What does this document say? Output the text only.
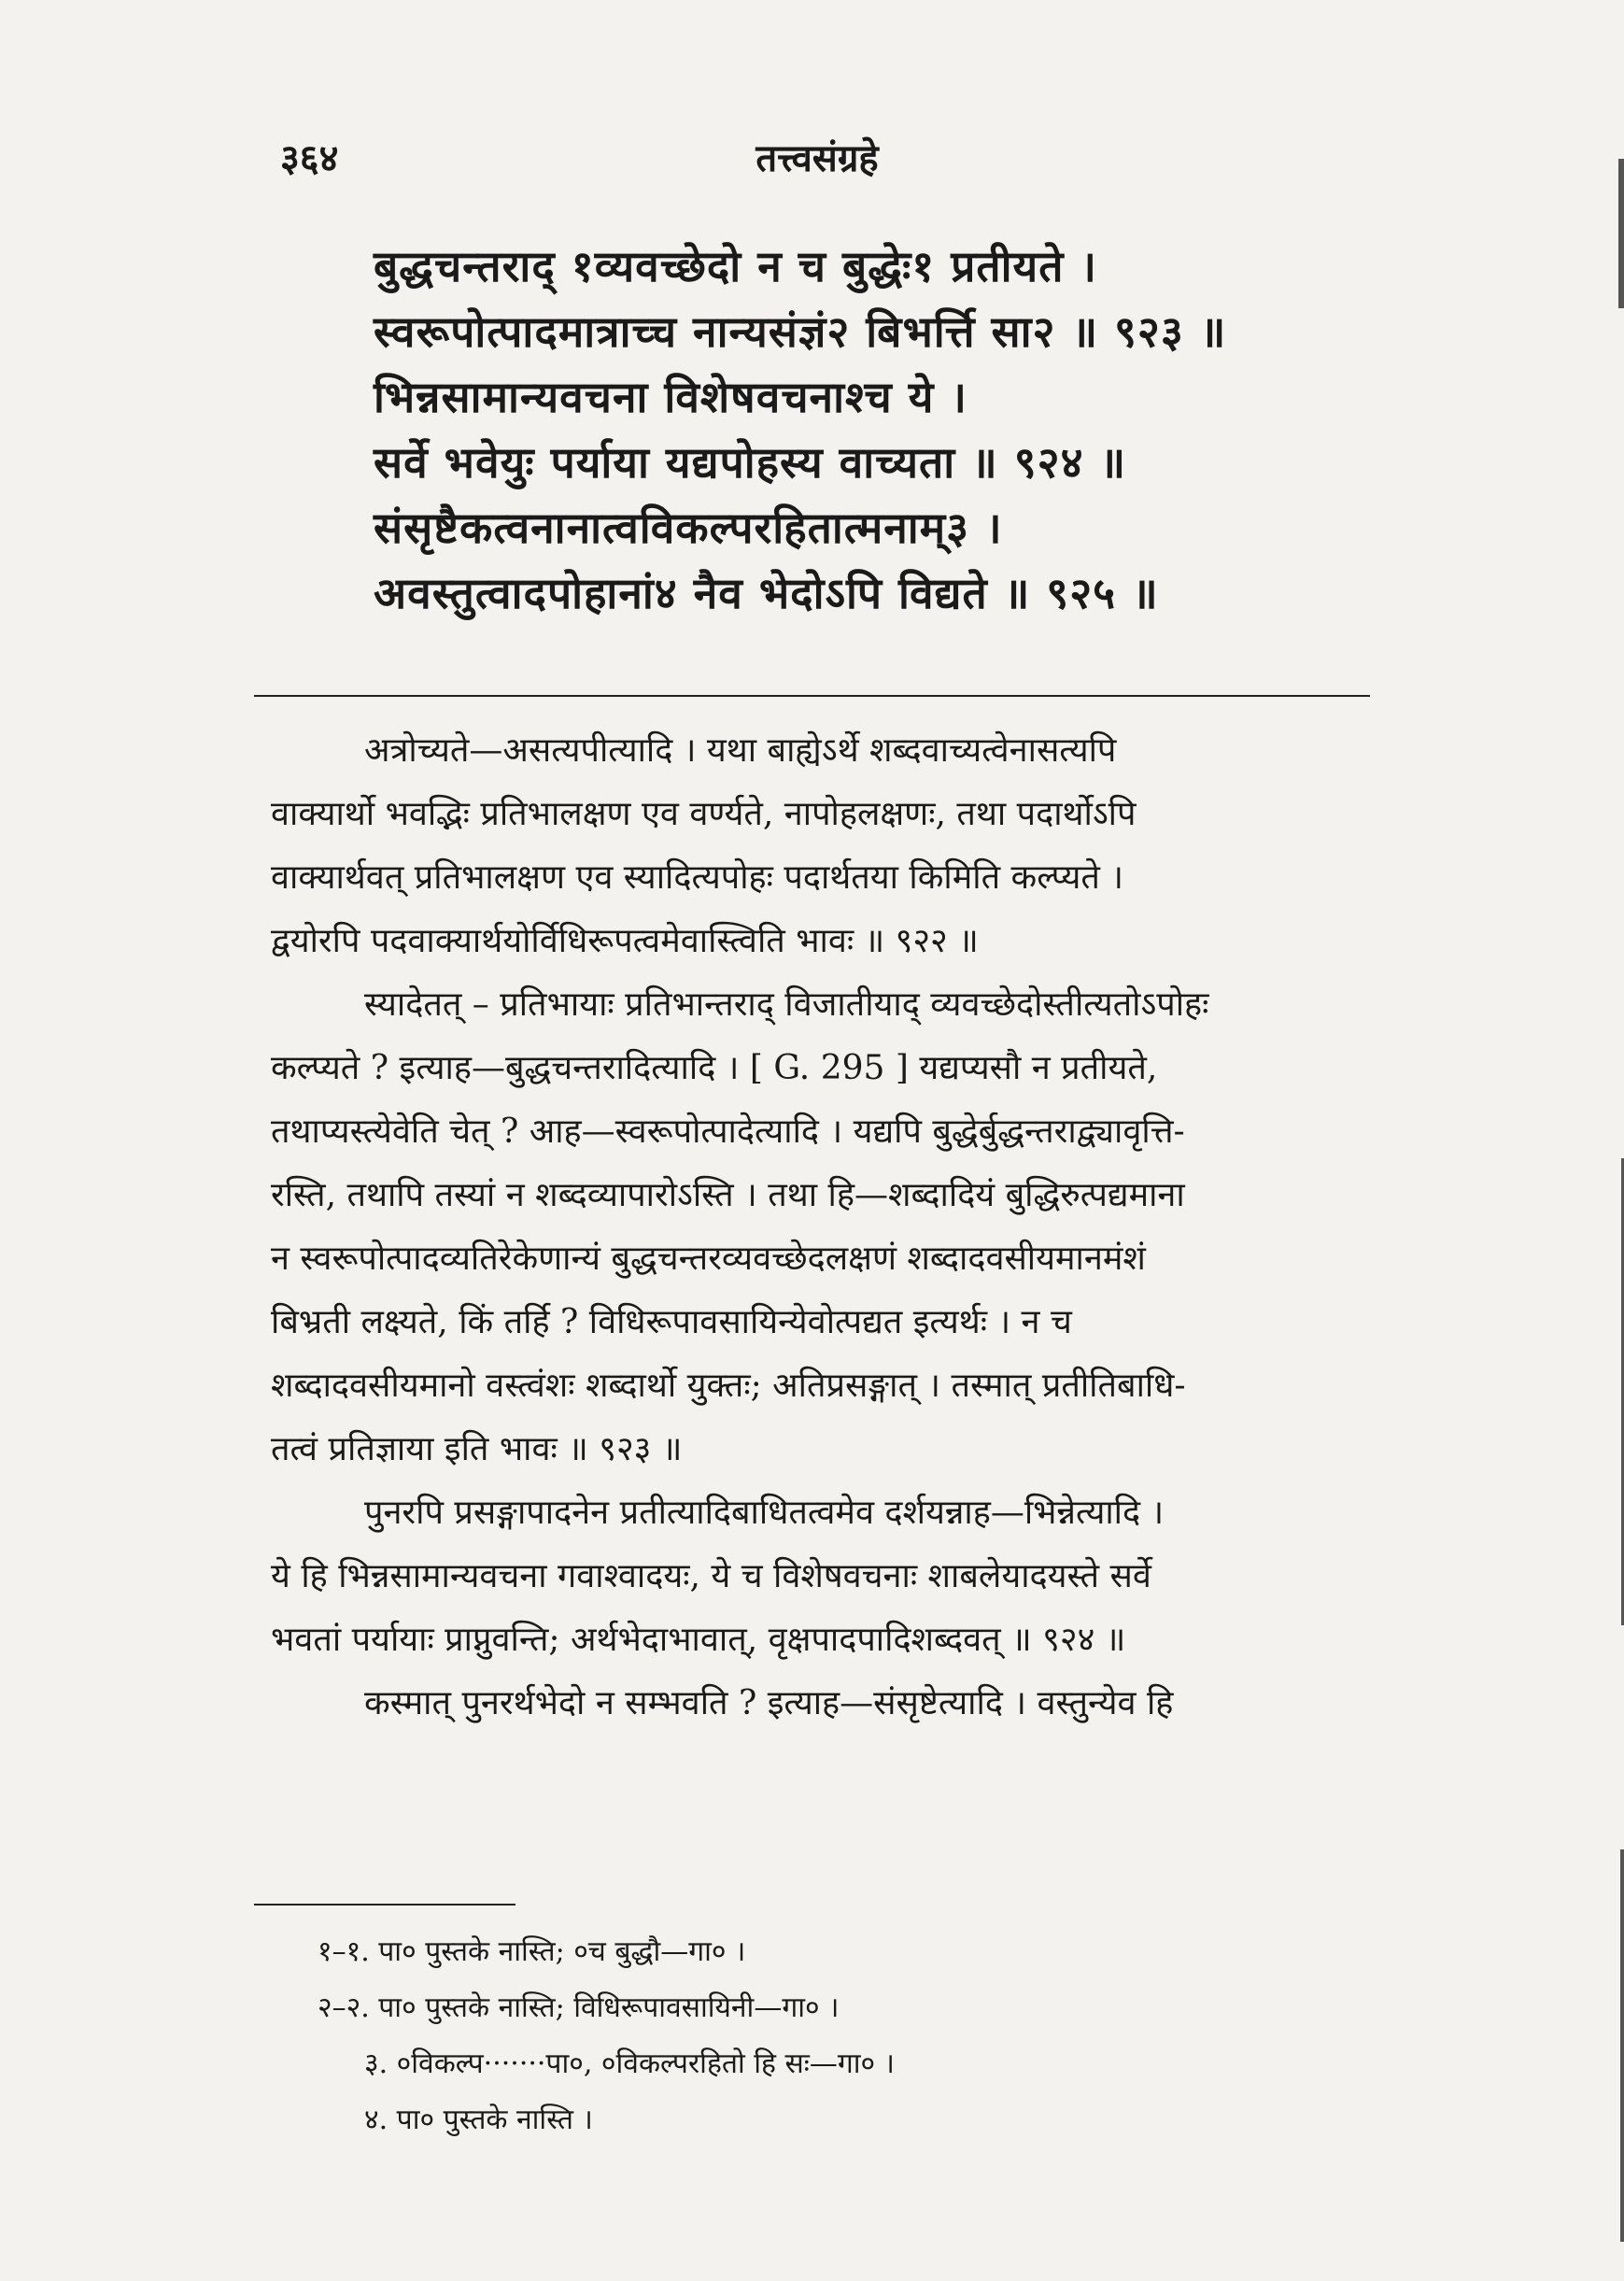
३६४	तत्त्वसंग्रहे
बुद्धचन्तराद् १व्यवच्छेदो न च बुद्धेः१ प्रतीयते ।
स्वरूपोत्पादमात्राच्च नान्यसंज्ञं२ बिभर्त्ति सा२ ॥ ९२३ ॥
भिन्नसामान्यवचना विशेषवचनाश्च ये ।
सर्वे भवेयुः पर्याया यद्यपोहस्य वाच्यता ॥ ९२४ ॥
संसृष्टैकत्वनानात्वविकल्परहितात्मनाम्३ ।
अवस्तुत्वादपोहानां४ नैव भेदोऽपि विद्यते ॥ ९२५ ॥
अत्रोच्यते—असत्यपीत्यादि । यथा बाह्येऽर्थे शब्दवाच्यत्वेनासत्यपि
वाक्यार्थो भवद्भिः प्रतिभालक्षण एव वर्ण्यते, नापोहलक्षणः, तथा पदार्थोऽपि
वाक्यार्थवत् प्रतिभालक्षण एव स्यादित्यपोहः पदार्थतया किमिति कल्प्यते ।
द्वयोरपि पदवाक्यार्थयोर्विधिरूपत्वमेवास्त्विति भावः ॥ ९२२ ॥
स्यादेतत् – प्रतिभायाः प्रतिभान्तराद् विजातीयाद् व्यवच्छेदोस्तीत्यतोऽपोहः
कल्प्यते ? इत्याह—बुद्धचन्तरादित्यादि । [ G. 295 ] यद्यप्यसौ न प्रतीयते,
तथाप्यस्त्येवेति चेत् ? आह—स्वरूपोत्पादेत्यादि । यद्यपि बुद्धेर्बुद्धन्तराद्व्यावृत्ति-
रस्ति, तथापि तस्यां न शब्दव्यापारोऽस्ति । तथा हि—शब्दादियं बुद्धिरुत्पद्यमाना
न स्वरूपोत्पादव्यतिरेकेणान्यं बुद्धचन्तरव्यवच्छेदलक्षणं शब्दादवसीयमानमंशं
बिभ्रती लक्ष्यते, किं तर्हि ? विधिरूपावसायिन्येवोत्पद्यत इत्यर्थः । न च
शब्दादवसीयमानो वस्त्वंशः शब्दार्थो युक्तः; अतिप्रसङ्गात् । तस्मात् प्रतीतिबाधि-
तत्वं प्रतिज्ञाया इति भावः ॥ ९२३ ॥
पुनरपि प्रसङ्गापादनेन प्रतीत्यादिबाधितत्वमेव दर्शयन्नाह—भिन्नेत्यादि ।
ये हि भिन्नसामान्यवचना गवाश्वादयः, ये च विशेषवचनाः शाबलेयादयस्ते सर्वे
भवतां पर्यायाः प्राप्नुवन्ति; अर्थभेदाभावात्, वृक्षपादपादिशब्दवत् ॥ ९२४ ॥
कस्मात् पुनरर्थभेदो न सम्भवति ? इत्याह—संसृष्टेत्यादि । वस्तुन्येव हि
१–१. पा० पुस्तके नास्ति; ०च बुद्धौ—गा० ।
२–२. पा० पुस्तके नास्ति; विधिरूपावसायिनी—गा० ।
३. ०विकल्प·······पा०, ०विकल्परहितो हि सः—गा० ।
४. पा० पुस्तके नास्ति ।
